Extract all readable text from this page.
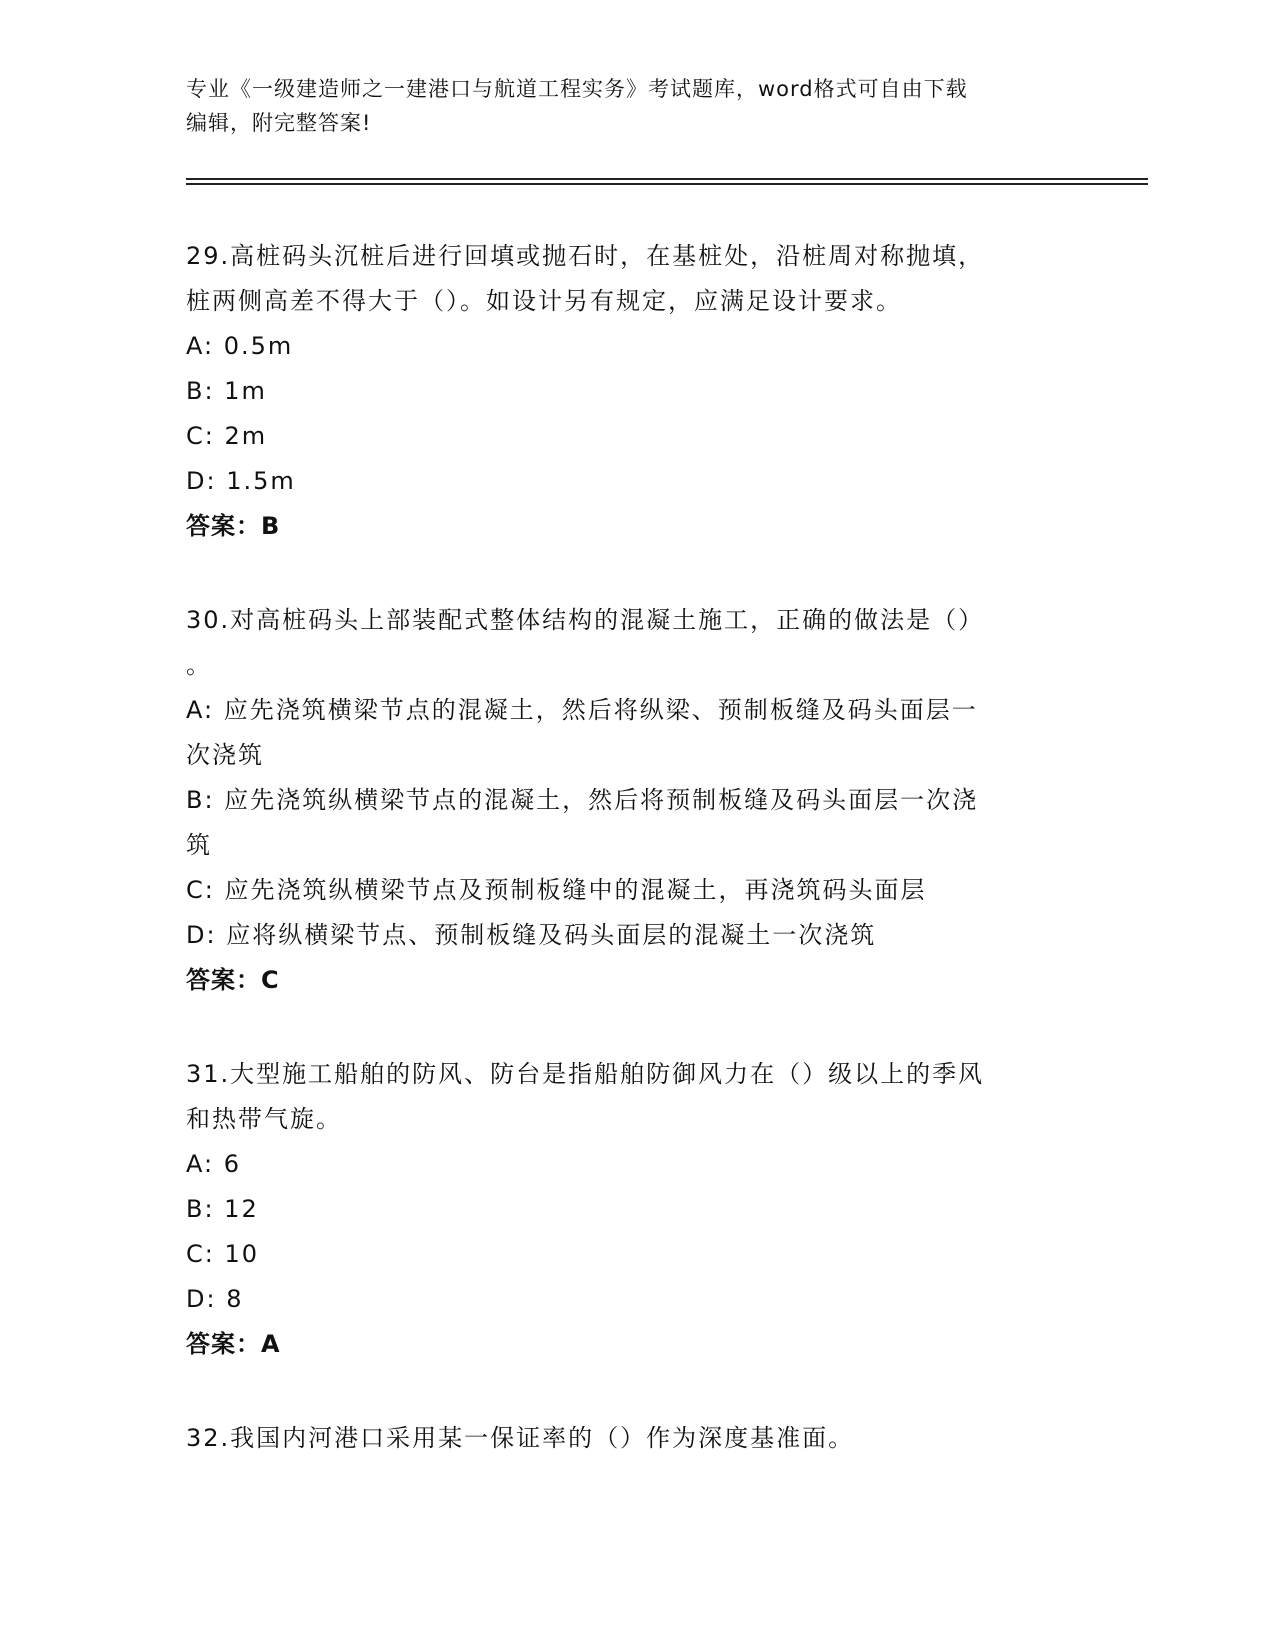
专业《一级建造师之一建港口与航道工程实务》考试题库，word格式可自由下载
编辑，附完整答案!
29.高桩码头沉桩后进行回填或抛石时，在基桩处，沿桩周对称抛填，
桩两侧高差不得大于（）。如设计另有规定，应满足设计要求。
A: 0.5m
B: 1m
C: 2m
D: 1.5m
答案：B
30.对高桩码头上部装配式整体结构的混凝土施工，正确的做法是（）
。
A: 应先浇筑横梁节点的混凝土，然后将纵梁、预制板缝及码头面层一
次浇筑
B: 应先浇筑纵横梁节点的混凝土，然后将预制板缝及码头面层一次浇
筑
C: 应先浇筑纵横梁节点及预制板缝中的混凝土，再浇筑码头面层
D: 应将纵横梁节点、预制板缝及码头面层的混凝土一次浇筑
答案：C
31.大型施工船舶的防风、防台是指船舶防御风力在（）级以上的季风
和热带气旋。
A: 6
B: 12
C: 10
D: 8
答案：A
32.我国内河港口采用某一保证率的（）作为深度基准面。
